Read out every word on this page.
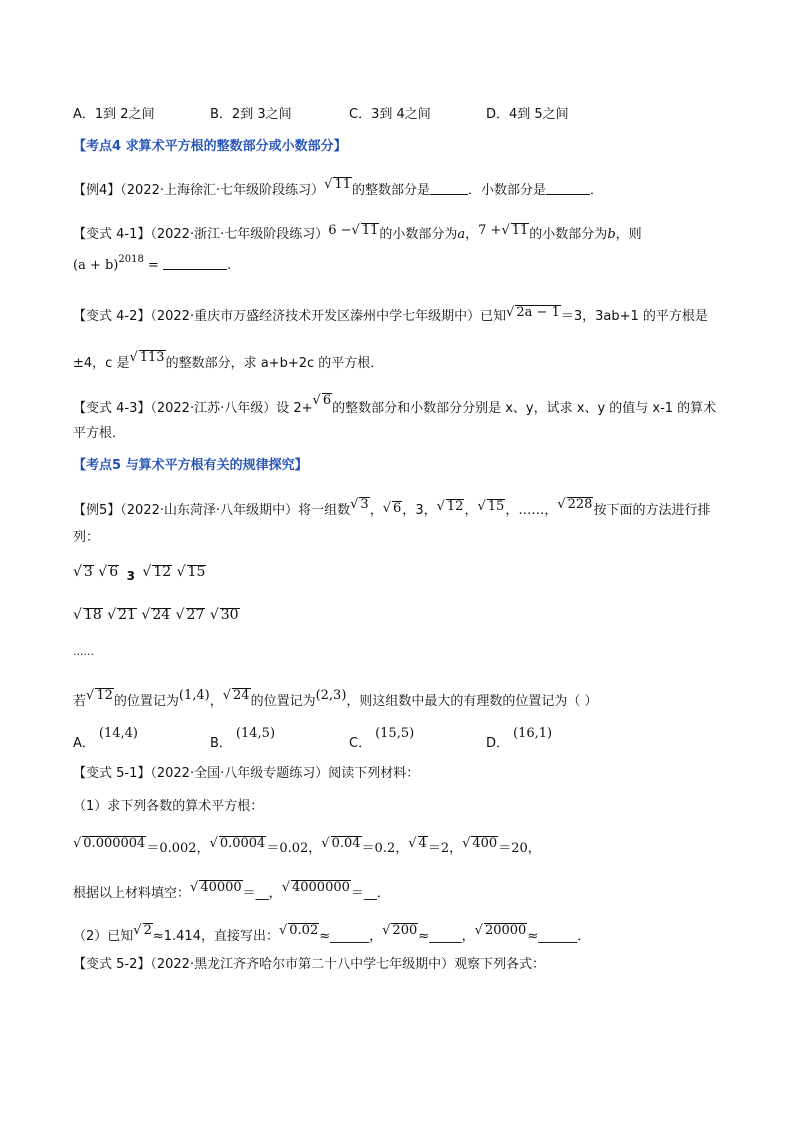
A．1到 2之间	B．2到 3之间	C．3到 4之间	D．4到 5之间
【考点4 求算术平方根的整数部分或小数部分】
【例4】（2022·上海徐汇·七年级阶段练习）√ 11的整数部分是	．小数部分是	．
【变式 4-1】（2022·浙江·七年级阶段练习）6 −√ 11的小数部分为a，7 +√ 11的小数部分为b，则
$(a + b)^{2018}$ =	.
【变式 4-2】（2022·重庆市万盛经济技术开发区溱州中学七年级期中）已知√ 2a − 1＝3，3ab+1 的平方根是
±4，c 是√ 113的整数部分，求 a+b+2c 的平方根．
【变式 4-3】（2022·江苏·八年级）设 2+√ 6的整数部分和小数部分分别是 x、y，试求 x、y 的值与 x-1 的算术
平方根．
【考点5 与算术平方根有关的规律探究】
【例5】（2022·山东菏泽·八年级期中）将一组数√ 3，√ 6，3，√ 12，√ 15，……，√ 228按下面的方法进行排
列：
√ 3 √ 6 3 √ 12 √ 15
√ 18 √ 21 √ 24 √ 27 √ 30
......
若√ 12的位置记为(1,4)，√ 24的位置记为(2,3)，则这组数中最大的有理数的位置记为（ ）
A．(14,4)
B．(14,5)
C．(15,5)
D．(16,1)
【变式 5-1】（2022·全国·八年级专题练习）阅读下列材料：
（1）求下列各数的算术平方根：
√ 0.000004＝0.002，√ 0.0004＝0.02，√ 0.04＝0.2，√ 4＝2，√ 400＝20，
根据以上材料填空：√ 40000＝__，√ 4000000＝__．
（2）已知√ 2≈1.414，直接写出：√ 0.02≈______，√ 200≈_____，√ 20000≈______．
【变式 5-2】（2022·黑龙江齐齐哈尔市第二十八中学七年级期中）观察下列各式：
